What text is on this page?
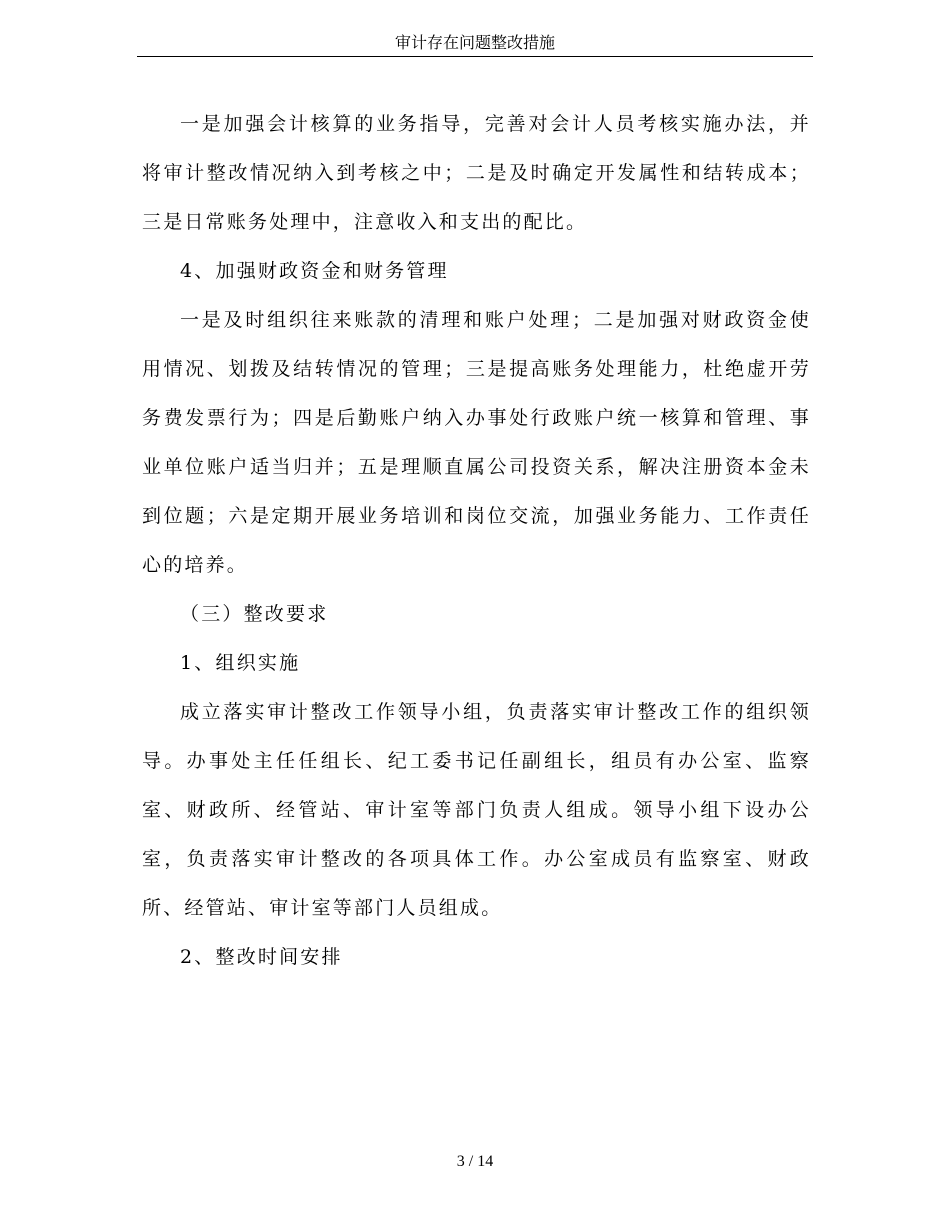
审计存在问题整改措施

一是加强会计核算的业务指导，完善对会计人员考核实施办法，并将审计整改情况纳入到考核之中；二是及时确定开发属性和结转成本；三是日常账务处理中，注意收入和支出的配比。

4、加强财政资金和财务管理

一是及时组织往来账款的清理和账户处理；二是加强对财政资金使用情况、划拨及结转情况的管理；三是提高账务处理能力，杜绝虚开劳务费发票行为；四是后勤账户纳入办事处行政账户统一核算和管理、事业单位账户适当归并；五是理顺直属公司投资关系，解决注册资本金未到位题；六是定期开展业务培训和岗位交流，加强业务能力、工作责任心的培养。

（三）整改要求

1、组织实施

成立落实审计整改工作领导小组，负责落实审计整改工作的组织领导。办事处主任任组长、纪工委书记任副组长，组员有办公室、监察室、财政所、经管站、审计室等部门负责人组成。领导小组下设办公室，负责落实审计整改的各项具体工作。办公室成员有监察室、财政所、经管站、审计室等部门人员组成。

2、整改时间安排

3 / 14
